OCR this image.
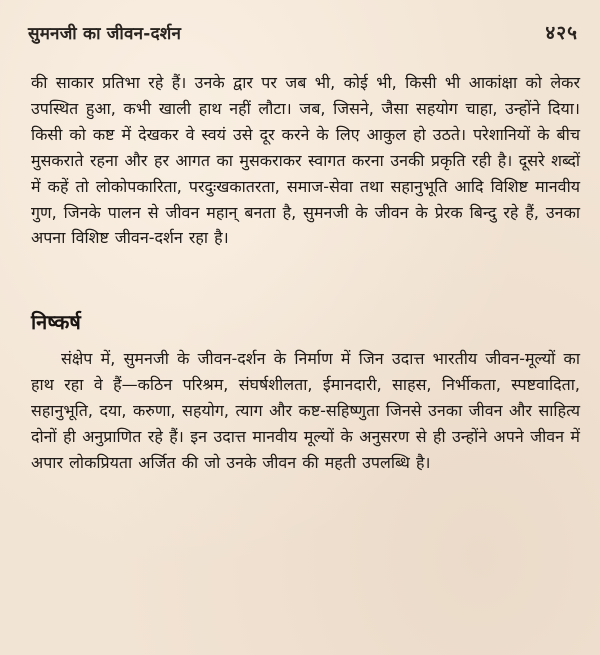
सुमनजी का जीवन-दर्शन	४२५

की साकार प्रतिभा रहे हैं। उनके द्वार पर जब भी, कोई भी, किसी भी आकांक्षा को लेकर उपस्थित हुआ, कभी खाली हाथ नहीं लौटा। जब, जिसने, जैसा सहयोग चाहा, उन्होंने दिया। किसी को कष्ट में देखकर वे स्वयं उसे दूर करने के लिए आकुल हो उठते। परेशानियों के बीच मुसकराते रहना और हर आगत का मुसकराकर स्वागत करना उनकी प्रकृति रही है। दूसरे शब्दों में कहें तो लोकोपकारिता, परदुःखकातरता, समाज-सेवा तथा सहानुभूति आदि विशिष्ट मानवीय गुण, जिनके पालन से जीवन महान् बनता है, सुमनजी के जीवन के प्रेरक बिन्दु रहे हैं, उनका अपना विशिष्ट जीवन-दर्शन रहा है।

निष्कर्ष

संक्षेप में, सुमनजी के जीवन-दर्शन के निर्माण में जिन उदात्त भारतीय जीवन-मूल्यों का हाथ रहा वे हैं—कठिन परिश्रम, संघर्षशीलता, ईमानदारी, साहस, निर्भीकता, स्पष्टवादिता, सहानुभूति, दया, करुणा, सहयोग, त्याग और कष्ट-सहिष्णुता जिनसे उनका जीवन और साहित्य दोनों ही अनुप्राणित रहे हैं। इन उदात्त मानवीय मूल्यों के अनुसरण से ही उन्होंने अपने जीवन में अपार लोकप्रियता अर्जित की जो उनके जीवन की महती उपलब्धि है।
